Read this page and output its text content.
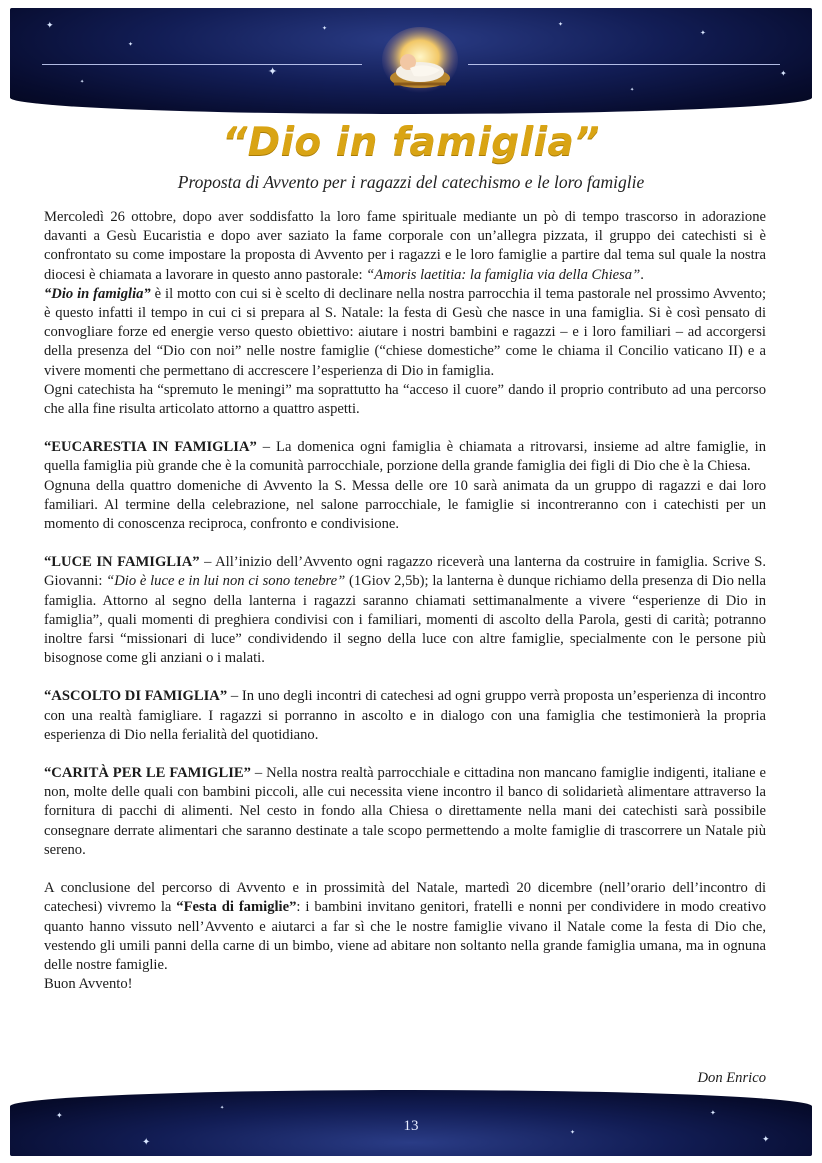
✦
✦
✦
✦
✦
✦
✦
✦
✦
“Dio in famiglia”
Proposta di Avvento per i ragazzi del catechismo e le loro famiglie

Mercoledì 26 ottobre, dopo aver soddisfatto la loro fame spirituale mediante un pò di tempo trascorso in adorazione davanti a Gesù Eucaristia e dopo aver saziato la fame corporale con un’allegra pizzata, il gruppo dei catechisti si è confrontato su come impostare la proposta di Avvento per i ragazzi e le loro famiglie a partire dal tema sul quale la nostra diocesi è chiamata a lavorare in questo anno pastorale: “Amoris laetitia: la famiglia via della Chiesa”.

“Dio in famiglia” è il motto con cui si è scelto di declinare nella nostra parrocchia il tema pastorale nel prossimo Avvento; è questo infatti il tempo in cui ci si prepara al S. Natale: la festa di Gesù che nasce in una famiglia. Si è così pensato di convogliare forze ed energie verso questo obiettivo: aiutare i nostri bambini e ragazzi – e i loro familiari – ad accorgersi della presenza del “Dio con noi” nelle nostre famiglie (“chiese domestiche” come le chiama il Concilio vaticano II) e a vivere momenti che permettano di accrescere l’esperienza di Dio in famiglia.

Ogni catechista ha “spremuto le meningi” ma soprattutto ha “acceso il cuore” dando il proprio contributo ad una percorso che alla fine risulta articolato attorno a quattro aspetti.

“EUCARESTIA IN FAMIGLIA” – La domenica ogni famiglia è chiamata a ritrovarsi, insieme ad altre famiglie, in quella famiglia più grande che è la comunità parrocchiale, porzione della grande famiglia dei figli di Dio che è la Chiesa.

Ognuna della quattro domeniche di Avvento la S. Messa delle ore 10 sarà animata da un gruppo di ragazzi e dai loro familiari. Al termine della celebrazione, nel salone parrocchiale, le famiglie si incontreranno con i catechisti per un momento di conoscenza reciproca, confronto e condivisione.

“LUCE IN FAMIGLIA” – All’inizio dell’Avvento ogni ragazzo riceverà una lanterna da costruire in famiglia. Scrive S. Giovanni: “Dio è luce e in lui non ci sono tenebre” (1Giov 2,5b); la lanterna è dunque richiamo della presenza di Dio nella famiglia. Attorno al segno della lanterna i ragazzi saranno chiamati settimanalmente a vivere “esperienze di Dio in famiglia”, quali momenti di preghiera condivisi con i familiari, momenti di ascolto della Parola, gesti di carità; potranno inoltre farsi “missionari di luce” condividendo il segno della luce con altre famiglie, specialmente con le persone più bisognose come gli anziani o i malati.

“ASCOLTO DI FAMIGLIA” – In uno degli incontri di catechesi ad ogni gruppo verrà proposta un’esperienza di incontro con una realtà famigliare. I ragazzi si porranno in ascolto e in dialogo con una famiglia che testimonierà la propria esperienza di Dio nella ferialità del quotidiano.

“CARITÀ PER LE FAMIGLIE” – Nella nostra realtà parrocchiale e cittadina non mancano famiglie indigenti, italiane e non, molte delle quali con bambini piccoli, alle cui necessita viene incontro il banco di solidarietà alimentare attraverso la fornitura di pacchi di alimenti. Nel cesto in fondo alla Chiesa o direttamente nella mani dei catechisti sarà possibile consegnare derrate alimentari che saranno destinate a tale scopo permettendo a molte famiglie di trascorrere un Natale più sereno.

A conclusione del percorso di Avvento e in prossimità del Natale, martedì 20 dicembre (nell’orario dell’incontro di catechesi) vivremo la “Festa di famiglie”: i bambini invitano genitori, fratelli e nonni per condividere in modo creativo quanto hanno vissuto nell’Avvento e aiutarci a far sì che le nostre famiglie vivano il Natale come la festa di Dio che, vestendo gli umili panni della carne di un bimbo, viene ad abitare non soltanto nella grande famiglia umana, ma in ognuna delle nostre famiglie.

Buon Avvento!

Don Enrico
✦
✦
✦
✦
✦
✦
13
